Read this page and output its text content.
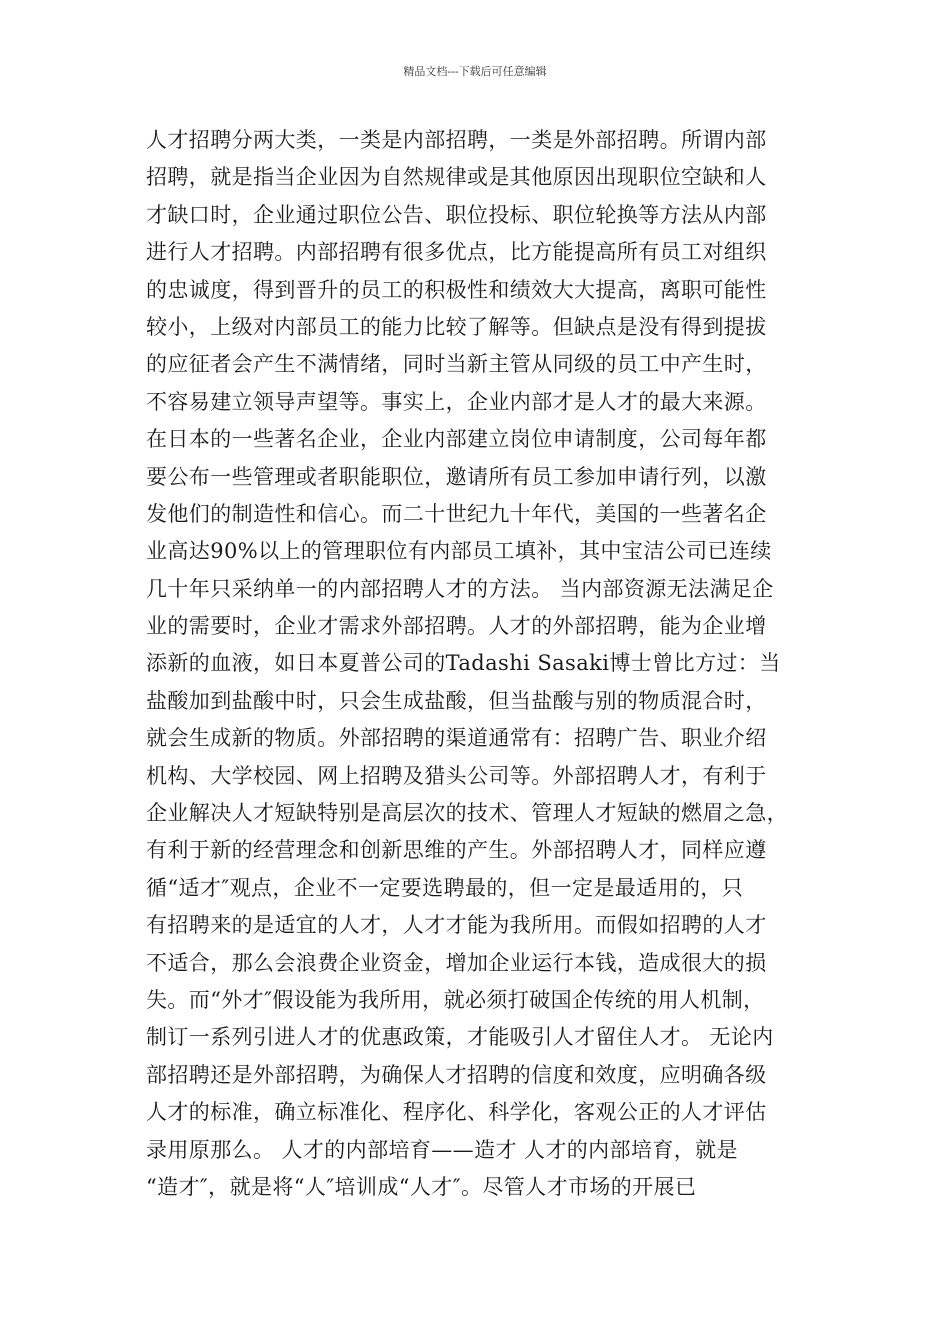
精品文档---下载后可任意编辑
人才招聘分两大类，一类是内部招聘，一类是外部招聘。所谓内部
招聘，就是指当企业因为自然规律或是其他原因出现职位空缺和人
才缺口时，企业通过职位公告、职位投标、职位轮换等方法从内部
进行人才招聘。内部招聘有很多优点，比方能提高所有员工对组织
的忠诚度，得到晋升的员工的积极性和绩效大大提高，离职可能性
较小，上级对内部员工的能力比较了解等。但缺点是没有得到提拔
的应征者会产生不满情绪，同时当新主管从同级的员工中产生时，
不容易建立领导声望等。事实上，企业内部才是人才的最大来源。
在日本的一些著名企业，企业内部建立岗位申请制度，公司每年都
要公布一些管理或者职能职位，邀请所有员工参加申请行列，以激
发他们的制造性和信心。而二十世纪九十年代，美国的一些著名企
业高达90%以上的管理职位有内部员工填补，其中宝洁公司已连续
几十年只采纳单一的内部招聘人才的方法。 当内部资源无法满足企
业的需要时，企业才需求外部招聘。人才的外部招聘，能为企业增
添新的血液，如日本夏普公司的Tadashi Sasaki博士曾比方过：当
盐酸加到盐酸中时，只会生成盐酸，但当盐酸与别的物质混合时，
就会生成新的物质。外部招聘的渠道通常有：招聘广告、职业介绍
机构、大学校园、网上招聘及猎头公司等。外部招聘人才，有利于
企业解决人才短缺特别是高层次的技术、管理人才短缺的燃眉之急，
有利于新的经营理念和创新思维的产生。外部招聘人才，同样应遵
循“适才″观点，企业不一定要选聘最的，但一定是最适用的，只
有招聘来的是适宜的人才，人才才能为我所用。而假如招聘的人才
不适合，那么会浪费企业资金，增加企业运行本钱，造成很大的损
失。而“外才″假设能为我所用，就必须打破国企传统的用人机制，
制订一系列引进人才的优惠政策，才能吸引人才留住人才。 无论内
部招聘还是外部招聘，为确保人才招聘的信度和效度，应明确各级
人才的标准，确立标准化、程序化、科学化，客观公正的人才评估
录用原那么。 人才的内部培育——造才 人才的内部培育，就是
“造才″，就是将“人″培训成“人才″。尽管人才市场的开展已
